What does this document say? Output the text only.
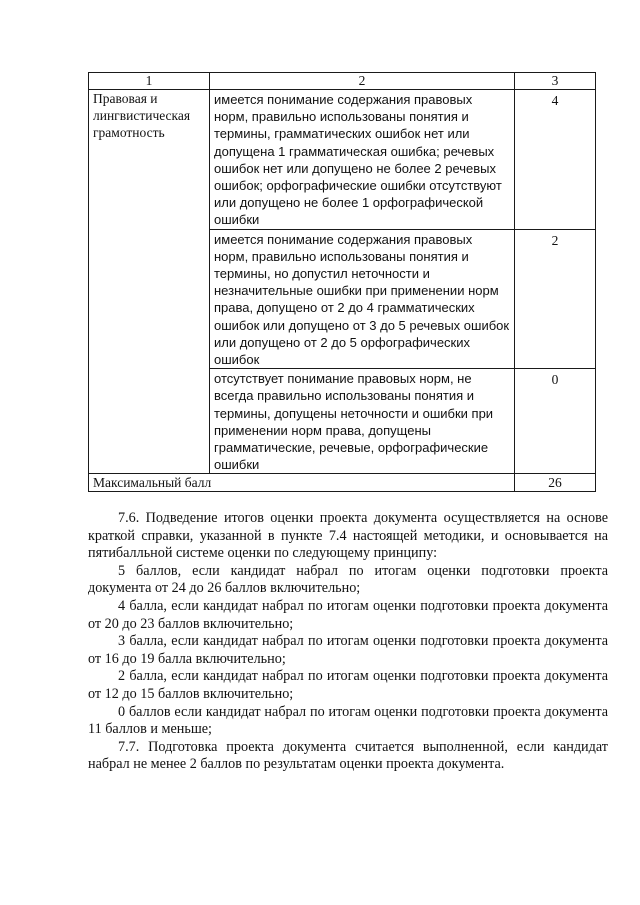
1	2	3
Правовая и лингвистическая грамотность	имеется понимание содержания правовых норм, правильно использованы понятия и термины, грамматических ошибок нет или допущена 1 грамматическая ошибка; речевых ошибок нет или допущено не более 2 речевых ошибок; орфографические ошибки отсутствуют или допущено не более 1 орфографической ошибки	4
	имеется понимание содержания правовых норм, правильно использованы понятия и термины, но допустил неточности и незначительные ошибки при применении норм права, допущено от 2 до 4 грамматических ошибок или допущено от 3 до 5 речевых ошибок или допущено от 2 до 5 орфографических ошибок	2
	отсутствует понимание правовых норм, не всегда правильно использованы понятия и термины, допущены неточности и ошибки при применении норм права, допущены грамматические, речевые, орфографические ошибки	0
Максимальный балл		26

7.6. Подведение итогов оценки проекта документа осуществляется на основе краткой справки, указанной в пункте 7.4 настоящей методики, и основывается на пятибалльной системе оценки по следующему принципу:

5 баллов, если кандидат набрал по итогам оценки подготовки проекта документа от 24 до 26 баллов включительно;

4 балла, если кандидат набрал по итогам оценки подготовки проекта документа от 20 до 23 баллов включительно;

3 балла, если кандидат набрал по итогам оценки подготовки проекта документа от 16 до 19 балла включительно;

2 балла, если кандидат набрал по итогам оценки подготовки проекта документа от 12 до 15 баллов включительно;

0 баллов если кандидат набрал по итогам оценки подготовки проекта документа 11 баллов и меньше;

7.7. Подготовка проекта документа считается выполненной, если кандидат набрал не менее 2 баллов по результатам оценки проекта документа.
